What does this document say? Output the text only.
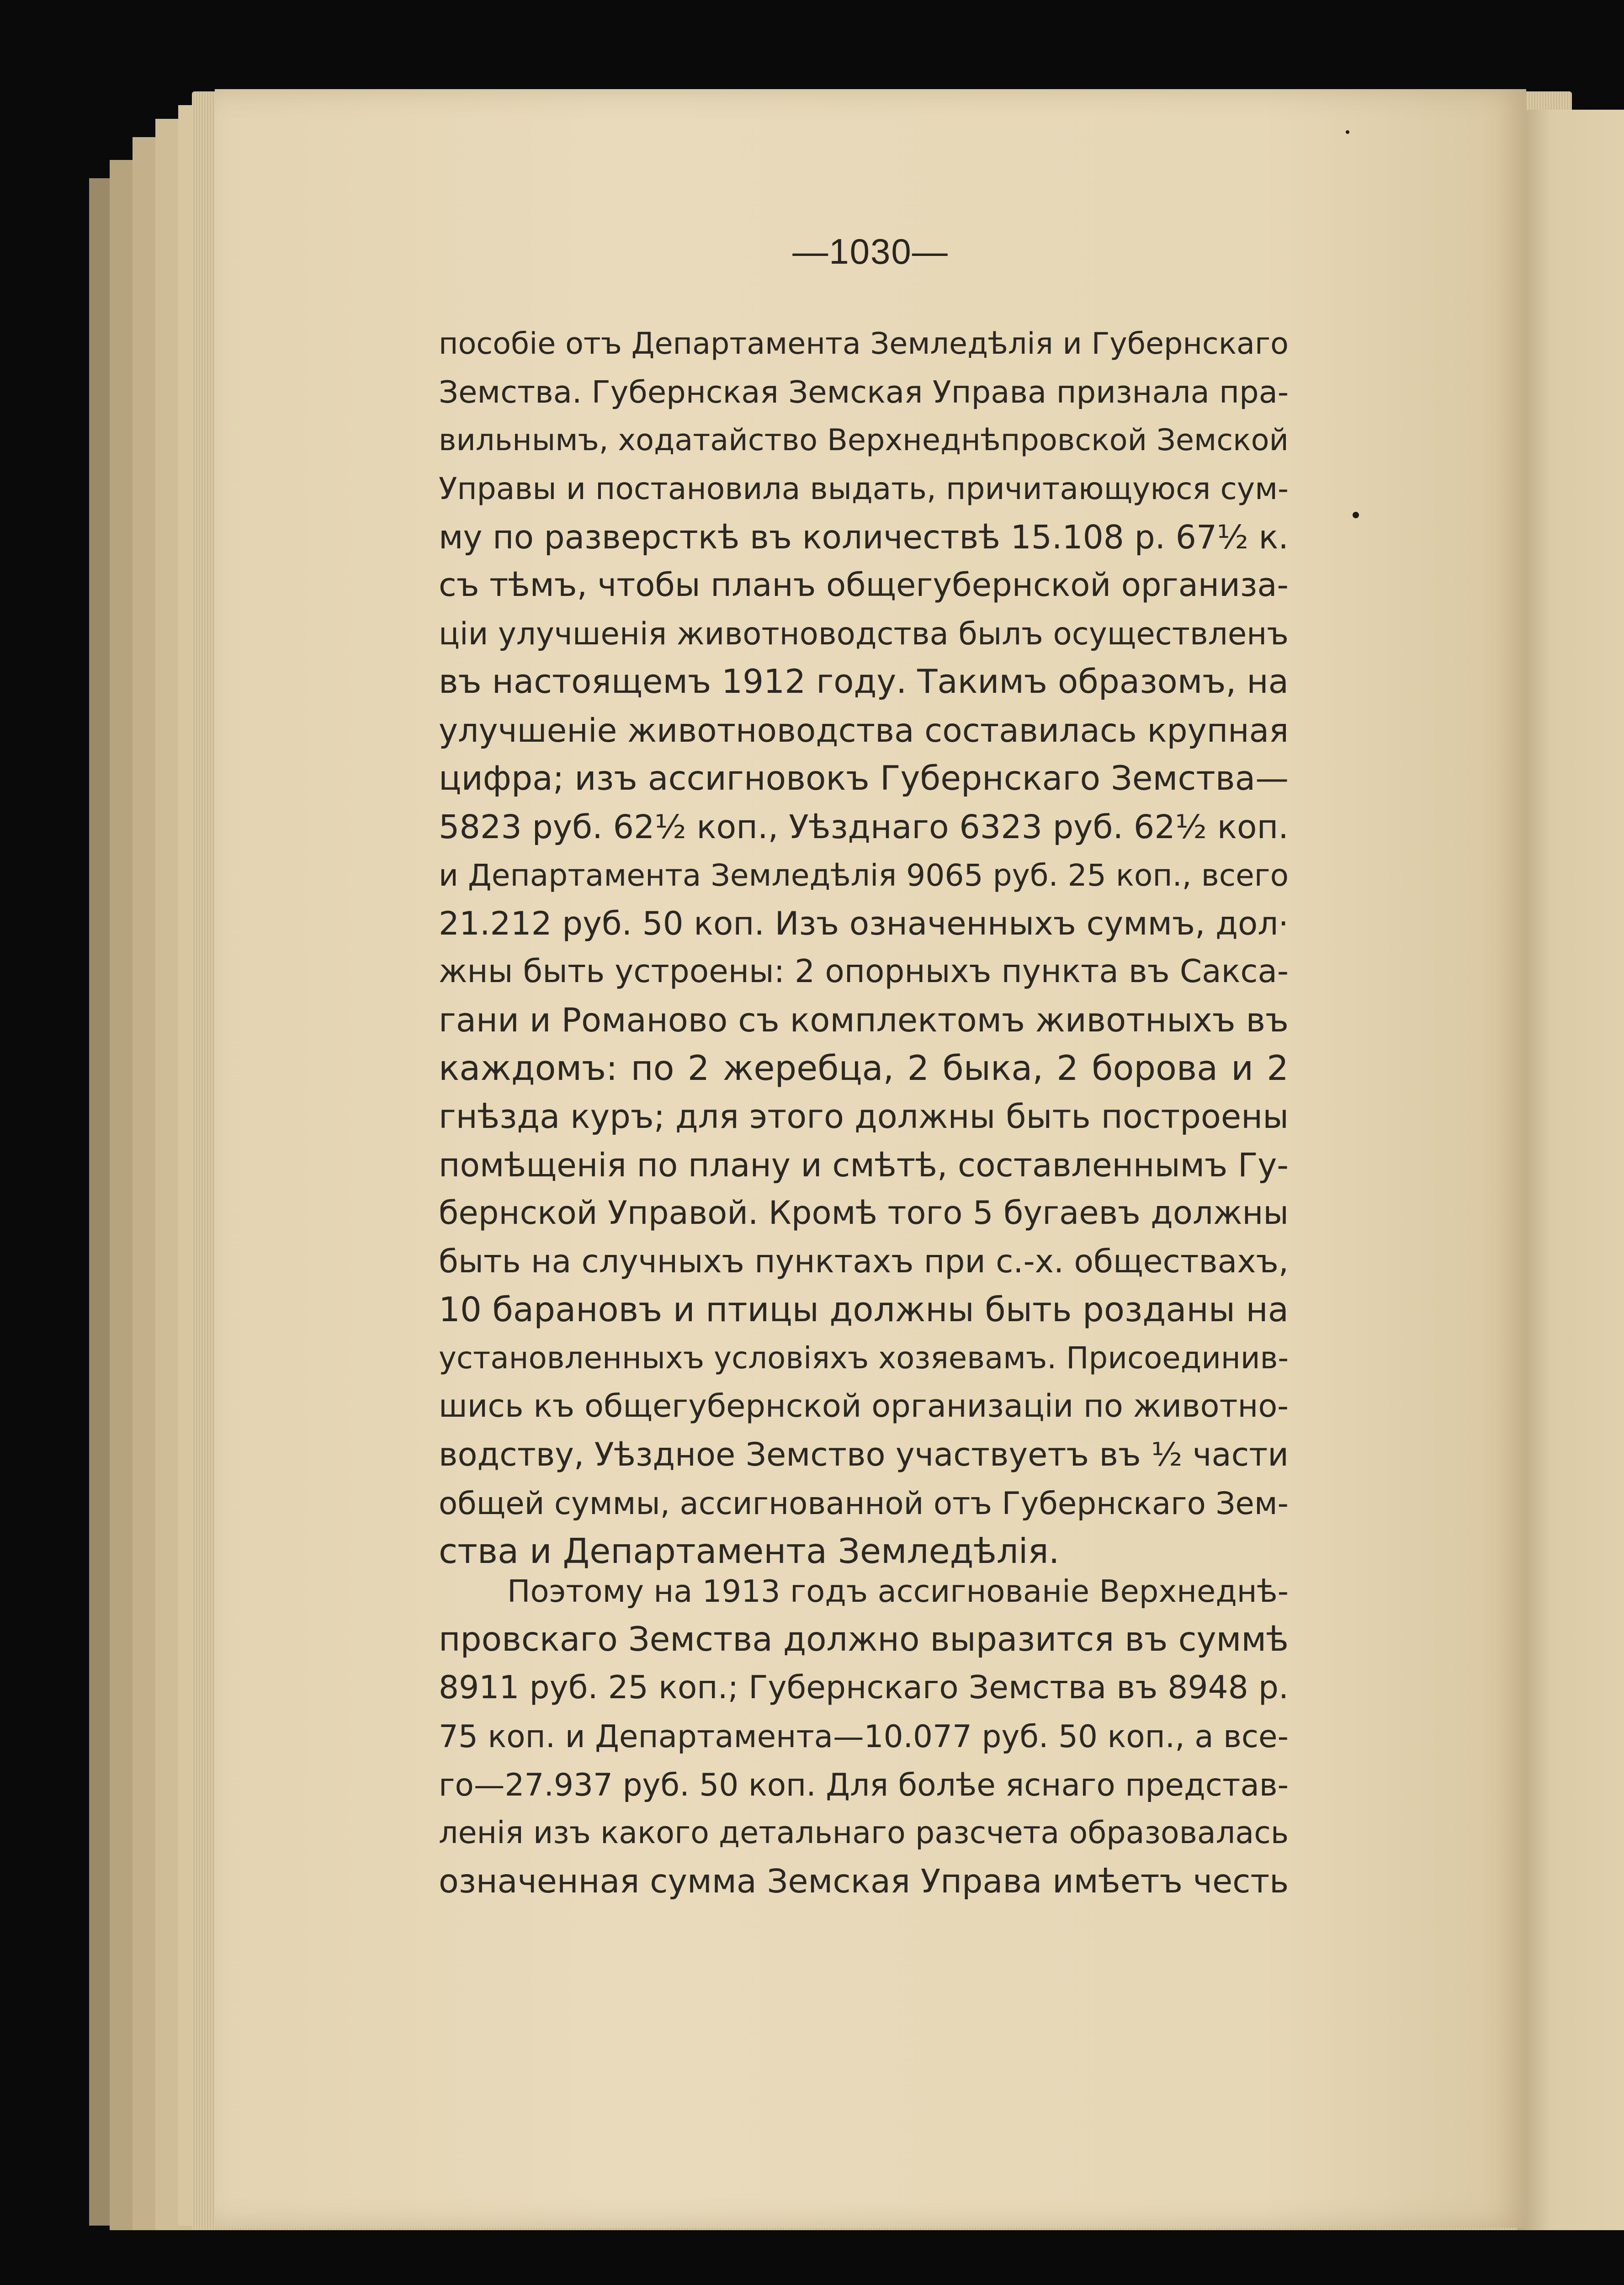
—1030—
пособіе отъ Департамента Земледѣлія и Губернскаго
Земства. Губернская Земская Управа признала пра-
вильнымъ, ходатайство Верхнеднѣпровской Земской
Управы и постановила выдать, причитающуюся сум-
му по разверсткѣ въ количествѣ 15.108 р. 67½ к.
съ тѣмъ, чтобы планъ общегубернской организа-
ціи улучшенія животноводства былъ осуществленъ
въ настоящемъ 1912 году. Такимъ образомъ, на
улучшеніе животноводства составилась крупная
цифра; изъ ассигновокъ Губернскаго Земства—
5823 руб. 62½ коп., Уѣзднаго 6323 руб. 62½ коп.
и Департамента Земледѣлія 9065 руб. 25 коп., всего
21.212 руб. 50 коп. Изъ означенныхъ суммъ, дол·
жны быть устроены: 2 опорныхъ пункта въ Сакса-
гани и Романово съ комплектомъ животныхъ въ
каждомъ: по 2 жеребца, 2 быка, 2 борова и 2
гнѣзда куръ; для этого должны быть построены
помѣщенія по плану и смѣтѣ, составленнымъ Гу-
бернской Управой. Кромѣ того 5 бугаевъ должны
быть на случныхъ пунктахъ при с.-х. обществахъ,
10 барановъ и птицы должны быть розданы на
установленныхъ условіяхъ хозяевамъ. Присоединив-
шись къ общегубернской организаціи по животно-
водству, Уѣздное Земство участвуетъ въ ½ части
общей суммы, ассигнованной отъ Губернскаго Зем-
ства и Департамента Земледѣлія.
Поэтому на 1913 годъ ассигнованіе Верхнеднѣ-
провскаго Земства должно выразится въ суммѣ
8911 руб. 25 коп.; Губернскаго Земства въ 8948 р.
75 коп. и Департамента—10.077 руб. 50 коп., а все-
го—27.937 руб. 50 коп. Для болѣе яснаго представ-
ленія изъ какого детальнаго разсчета образовалась
означенная сумма Земская Управа имѣетъ честь
